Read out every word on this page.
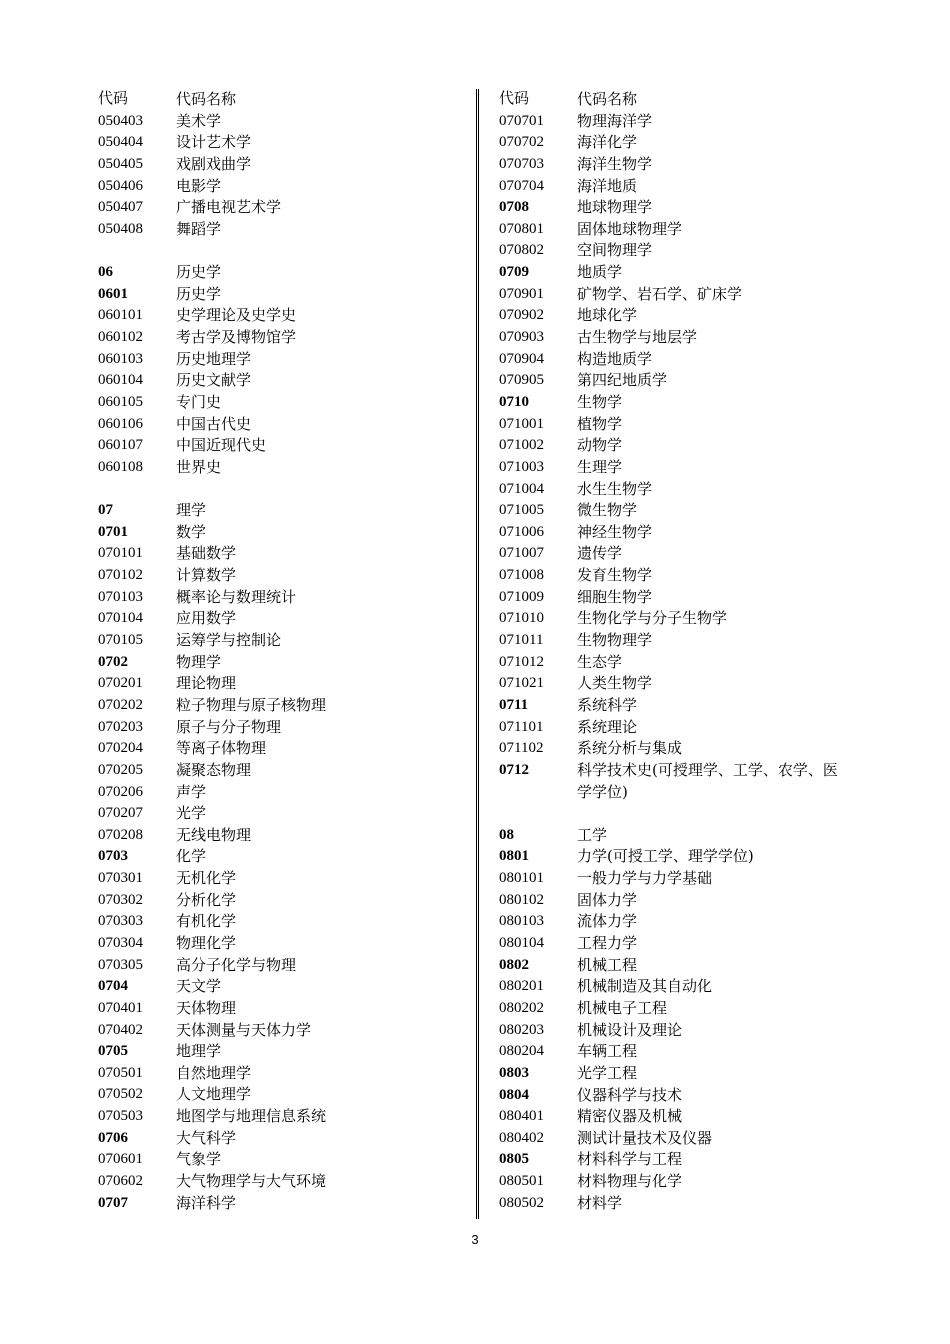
代码	代码名称
050403	美术学
050404	设计艺术学
050405	戏剧戏曲学
050406	电影学
050407	广播电视艺术学
050408	舞蹈学
06	历史学
0601	历史学
060101	史学理论及史学史
060102	考古学及博物馆学
060103	历史地理学
060104	历史文献学
060105	专门史
060106	中国古代史
060107	中国近现代史
060108	世界史
07	理学
0701	数学
070101	基础数学
070102	计算数学
070103	概率论与数理统计
070104	应用数学
070105	运筹学与控制论
0702	物理学
070201	理论物理
070202	粒子物理与原子核物理
070203	原子与分子物理
070204	等离子体物理
070205	凝聚态物理
070206	声学
070207	光学
070208	无线电物理
0703	化学
070301	无机化学
070302	分析化学
070303	有机化学
070304	物理化学
070305	高分子化学与物理
0704	天文学
070401	天体物理
070402	天体测量与天体力学
0705	地理学
070501	自然地理学
070502	人文地理学
070503	地图学与地理信息系统
0706	大气科学
070601	气象学
070602	大气物理学与大气环境
0707	海洋科学
代码	代码名称
070701	物理海洋学
070702	海洋化学
070703	海洋生物学
070704	海洋地质
0708	地球物理学
070801	固体地球物理学
070802	空间物理学
0709	地质学
070901	矿物学、岩石学、矿床学
070902	地球化学
070903	古生物学与地层学
070904	构造地质学
070905	第四纪地质学
0710	生物学
071001	植物学
071002	动物学
071003	生理学
071004	水生生物学
071005	微生物学
071006	神经生物学
071007	遗传学
071008	发育生物学
071009	细胞生物学
071010	生物化学与分子生物学
071011	生物物理学
071012	生态学
071021	人类生物学
0711	系统科学
071101	系统理论
071102	系统分析与集成
0712	科学技术史(可授理学、工学、农学、医学学位)
08	工学
0801	力学(可授工学、理学学位)
080101	一般力学与力学基础
080102	固体力学
080103	流体力学
080104	工程力学
0802	机械工程
080201	机械制造及其自动化
080202	机械电子工程
080203	机械设计及理论
080204	车辆工程
0803	光学工程
0804	仪器科学与技术
080401	精密仪器及机械
080402	测试计量技术及仪器
0805	材料科学与工程
080501	材料物理与化学
080502	材料学
3
